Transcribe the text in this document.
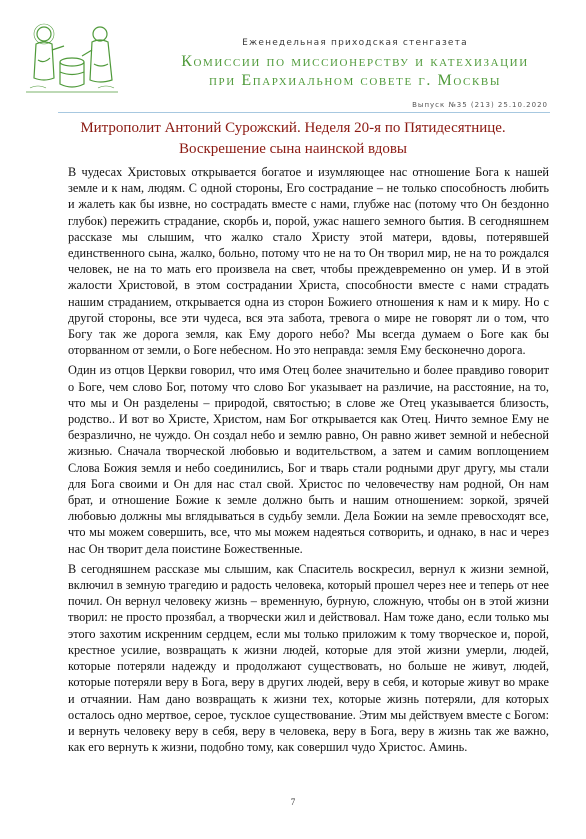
Еженедельная приходская стенгазета
Комиссии по миссионерству и катехизации
при Епархиальном совете г. Москвы
Выпуск №35 (213) 25.10.2020
Митрополит Антоний Сурожский. Неделя 20-я по Пятидесятнице.
Воскрешение сына наинской вдовы

В чудесах Христовых открывается богатое и изумляющее нас отношение Бога к нашей земле и к нам, людям. С одной стороны, Его сострадание – не только способность любить и жалеть как бы извне, но сострадать вместе с нами, глубже нас (потому что Он бездонно глубок) пережить страдание, скорбь и, порой, ужас нашего земного бытия. В сегодняшнем рассказе мы слышим, что жалко стало Христу этой матери, вдовы, потерявшей единственного сына, жалко, больно, потому что не на то Он творил мир, не на то рождался человек, не на то мать его произвела на свет, чтобы преждевременно он умер. И в этой жалости Христовой, в этом сострадании Христа, способности вместе с нами страдать нашим страданием, открывается одна из сторон Божиего отношения к нам и к миру. Но с другой стороны, все эти чудеса, вся эта забота, тревога о мире не говорят ли о том, что Богу так же дорога земля, как Ему дорого небо? Мы всегда думаем о Боге как бы оторванном от земли, о Боге небесном. Но это неправда: земля Ему бесконечно дорога.

Один из отцов Церкви говорил, что имя Отец более значительно и более правдиво говорит о Боге, чем слово Бог, потому что слово Бог указывает на различие, на расстояние, на то, что мы и Он разделены – природой, святостью; в слове же Отец указывается близость, родство.. И вот во Христе, Христом, нам Бог открывается как Отец. Ничто земное Ему не безразлично, не чуждо. Он создал небо и землю равно, Он равно живет земной и небесной жизнью. Сначала творческой любовью и водительством, а затем и самим воплощением Слова Божия земля и небо соединились, Бог и тварь стали родными друг другу, мы стали для Бога своими и Он для нас стал свой. Христос по человечеству нам родной, Он нам брат, и отношение Божие к земле должно быть и нашим отношением: зоркой, зрячей любовью должны мы вглядываться в судьбу земли. Дела Божии на земле превосходят все, что мы можем совершить, все, что мы можем надеяться сотворить, и однако, в нас и через нас Он творит дела поистине Божественные.

В сегодняшнем рассказе мы слышим, как Спаситель воскресил, вернул к жизни земной, включил в земную трагедию и радость человека, который прошел через нее и теперь от нее почил. Он вернул человеку жизнь – временную, бурную, сложную, чтобы он в этой жизни творил: не просто прозябал, а творчески жил и действовал. Нам тоже дано, если только мы этого захотим искренним сердцем, если мы только приложим к тому творческое и, порой, крестное усилие, возвращать к жизни людей, которые для этой жизни умерли, людей, которые потеряли надежду и продолжают существовать, но больше не живут, людей, которые потеряли веру в Бога, веру в других людей, веру в себя, и которые живут во мраке и отчаянии. Нам дано возвращать к жизни тех, которые жизнь потеряли, для которых осталось одно мертвое, серое, тусклое существование. Этим мы действуем вместе с Богом: и вернуть человеку веру в себя, веру в человека, веру в Бога, веру в жизнь так же важно, как его вернуть к жизни, подобно тому, как совершил чудо Христос. Аминь.

7
